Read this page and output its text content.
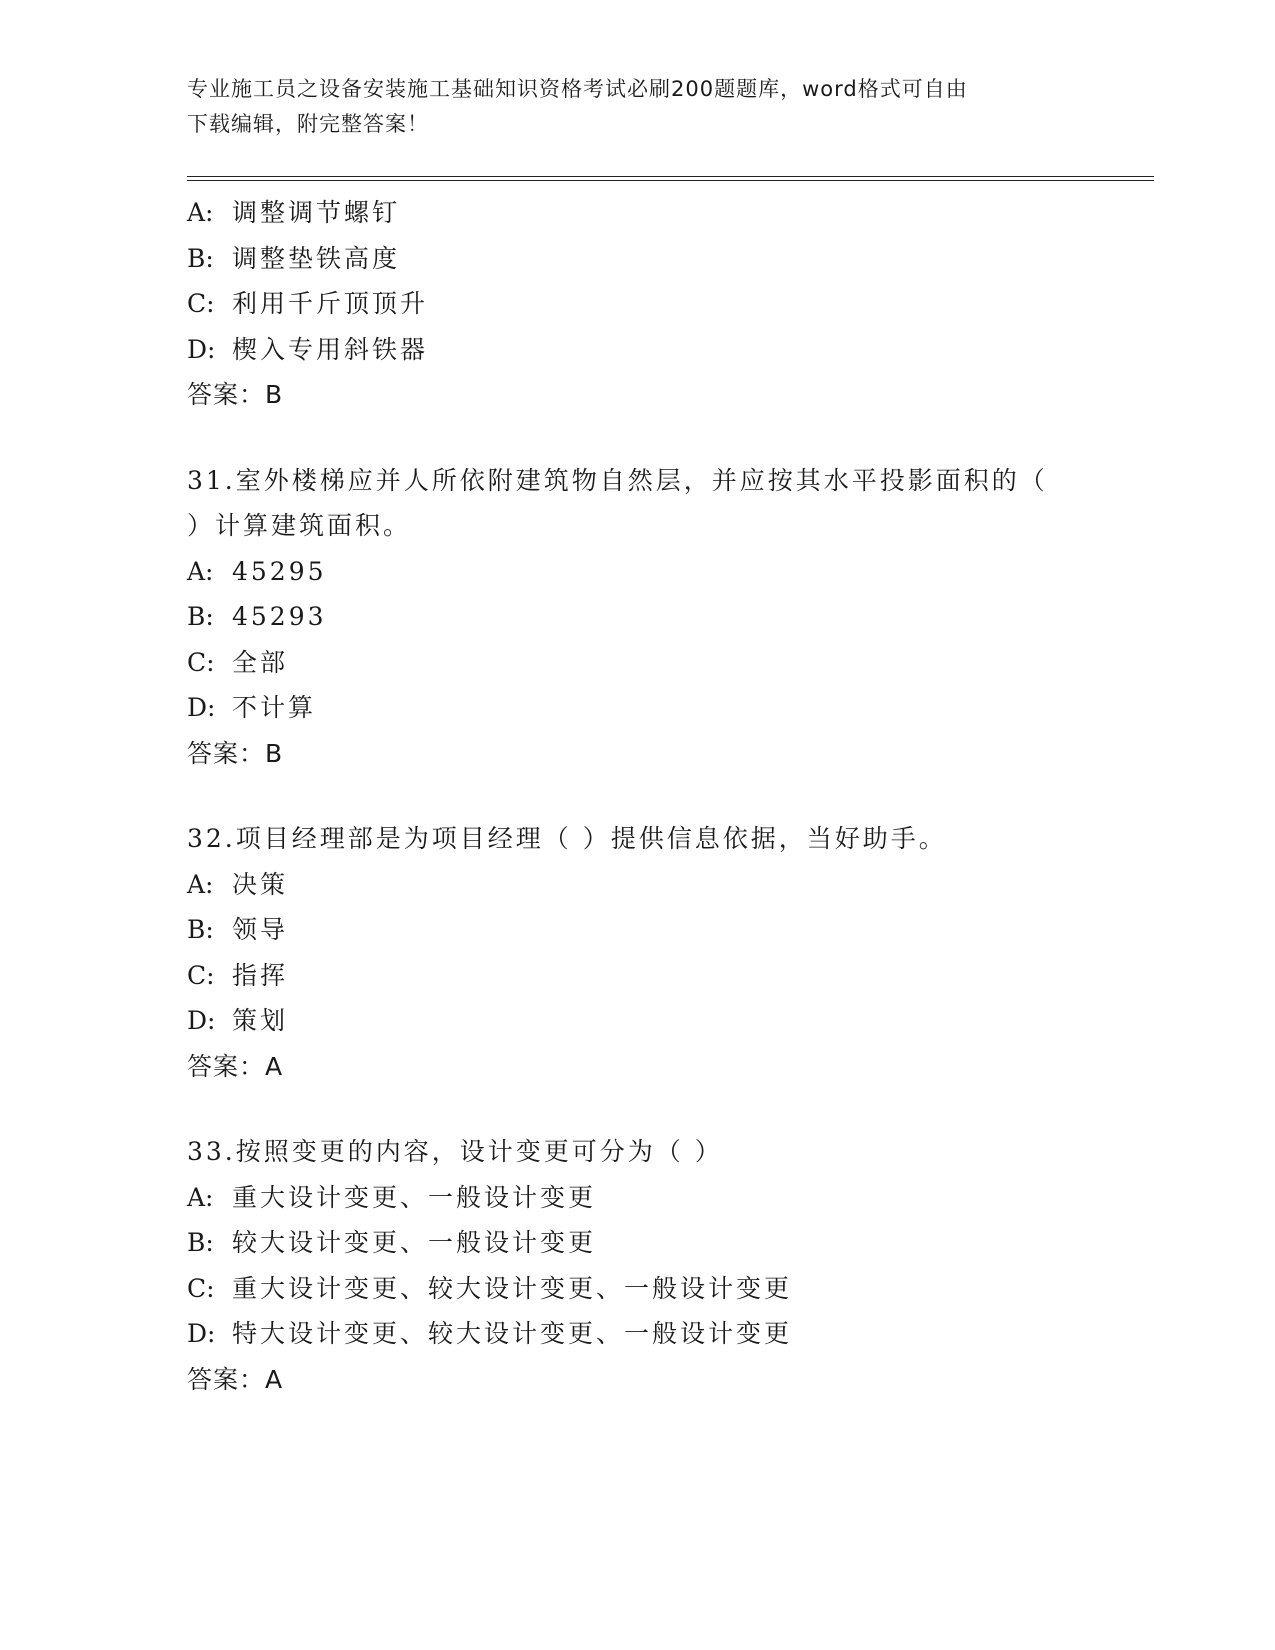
专业施工员之设备安装施工基础知识资格考试必刷200题题库，word格式可自由
下载编辑，附完整答案！
A: 调整调节螺钉
B: 调整垫铁高度
C: 利用千斤顶顶升
D: 楔入专用斜铁器
答案：B
31.室外楼梯应并人所依附建筑物自然层，并应按其水平投影面积的（
）计算建筑面积。
A: 45295
B: 45293
C: 全部
D: 不计算
答案：B
32.项目经理部是为项目经理（ ）提供信息依据，当好助手。
A: 决策
B: 领导
C: 指挥
D: 策划
答案：A
33.按照变更的内容，设计变更可分为（ ）
A: 重大设计变更、一般设计变更
B: 较大设计变更、一般设计变更
C: 重大设计变更、较大设计变更、一般设计变更
D: 特大设计变更、较大设计变更、一般设计变更
答案：A
